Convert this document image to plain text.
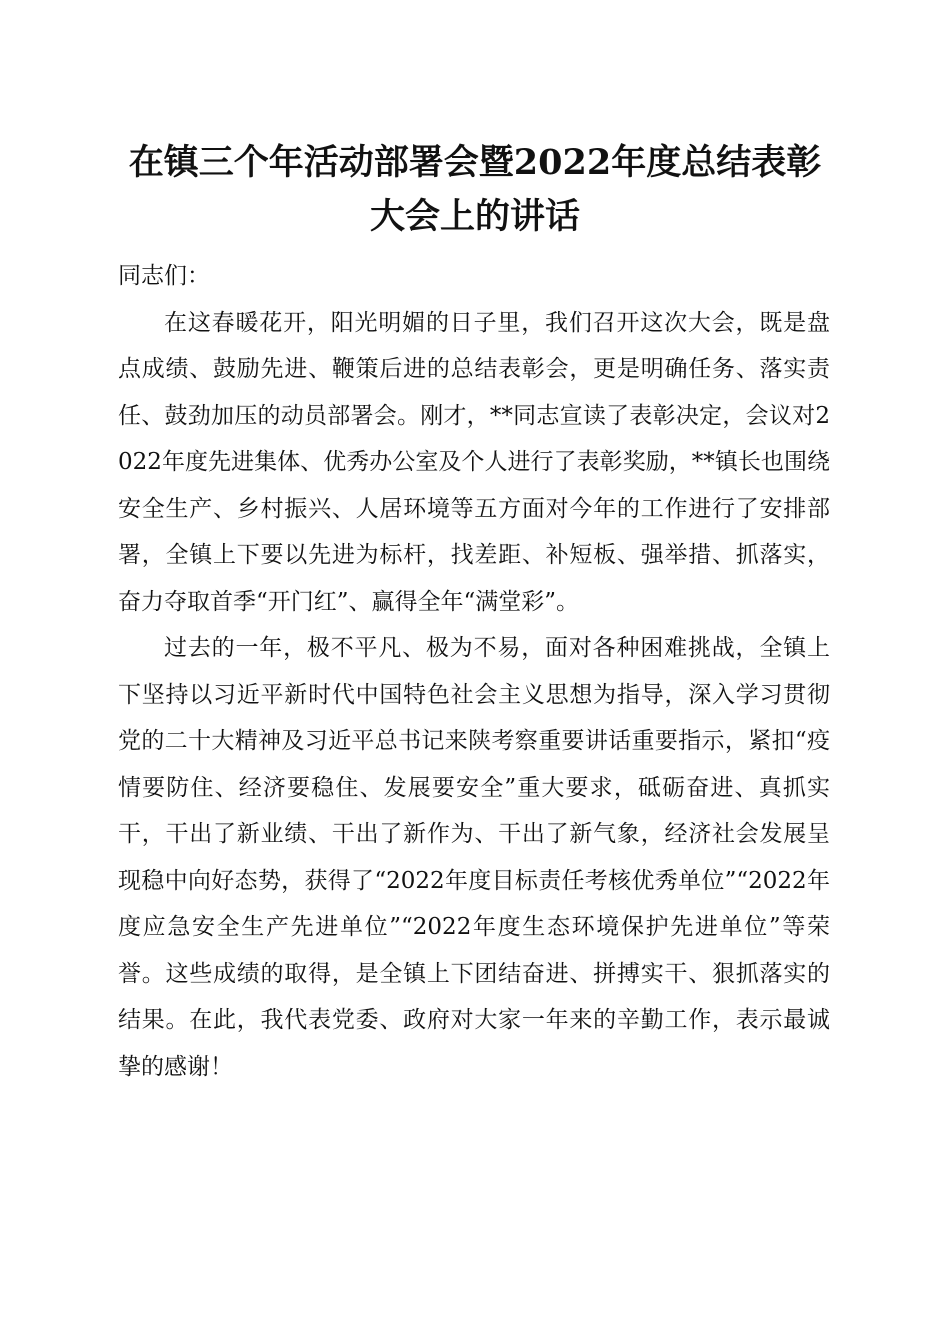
在镇三个年活动部署会暨2022年度总结表彰
大会上的讲话

同志们：

在这春暖花开，阳光明媚的日子里，我们召开这次大会，既是盘点成绩、鼓励先进、鞭策后进的总结表彰会，更是明确任务、落实责任、鼓劲加压的动员部署会。刚才，**同志宣读了表彰决定，会议对2022年度先进集体、优秀办公室及个人进行了表彰奖励，**镇长也围绕安全生产、乡村振兴、人居环境等五方面对今年的工作进行了安排部署，全镇上下要以先进为标杆，找差距、补短板、强举措、抓落实，奋力夺取首季“开门红”、赢得全年“满堂彩”。

过去的一年，极不平凡、极为不易，面对各种困难挑战，全镇上下坚持以习近平新时代中国特色社会主义思想为指导，深入学习贯彻党的二十大精神及习近平总书记来陕考察重要讲话重要指示，紧扣“疫情要防住、经济要稳住、发展要安全”重大要求，砥砺奋进、真抓实干，干出了新业绩、干出了新作为、干出了新气象，经济社会发展呈现稳中向好态势，获得了“2022年度目标责任考核优秀单位”“2022年度应急安全生产先进单位”“2022年度生态环境保护先进单位”等荣誉。这些成绩的取得，是全镇上下团结奋进、拼搏实干、狠抓落实的结果。在此，我代表党委、政府对大家一年来的辛勤工作，表示最诚挚的感谢！
